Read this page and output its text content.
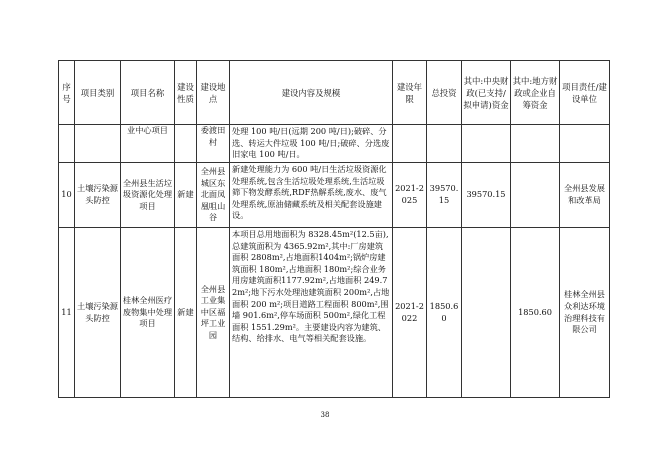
序号	项目类别	项目名称	建设性质	建设地点	建设内容及规模	建设年限	总投资	其中:中央财政(已支持/拟申请)资金	其中:地方财政或企业自筹资金	项目责任/建设单位
		业中心项目		委渡田村	处理 100 吨/日(远期 200 吨/日);破碎、分选、转运大件垃圾 100 吨/日;破碎、分选废旧家电 100 吨/日。					
10	土壤污染源头防控	全州县生活垃圾资源化处理项目	新建	全州县城区东北面凤凰咀山谷	新建处理能力为 600 吨/日生活垃圾资源化处理系统,包含生活垃圾处理系统,生活垃圾筛下物发酵系统,RDF热解系统,废水、废气处理系统,原油储藏系统及相关配套设施建设。	2021-2025	39570.15	39570.15		全州县发展和改革局
11	土壤污染源头防控	桂林全州医疗废物集中处理项目	新建	全州县工业集中区福坪工业园	本项目总用地面积为 8328.45m²(12.5亩),总建筑面积为 4365.92m²,其中:厂房建筑面积 2808m²,占地面积1404m²;锅炉房建筑面积 180m²,占地面积 180m²;综合业务用房建筑面积1177.92m²,占地面积 249.72m²;地下污水处理池建筑面积 200m²,占地面积 200 m²;项目道路工程面积 800m²,围墙 901.6m²,停车场面积 500m²,绿化工程面积 1551.29m²。主要建设内容为建筑、结构、给排水、电气等相关配套设施。	2021-2022	1850.60		1850.60	桂林全州县众利达环境治理科技有限公司
38
